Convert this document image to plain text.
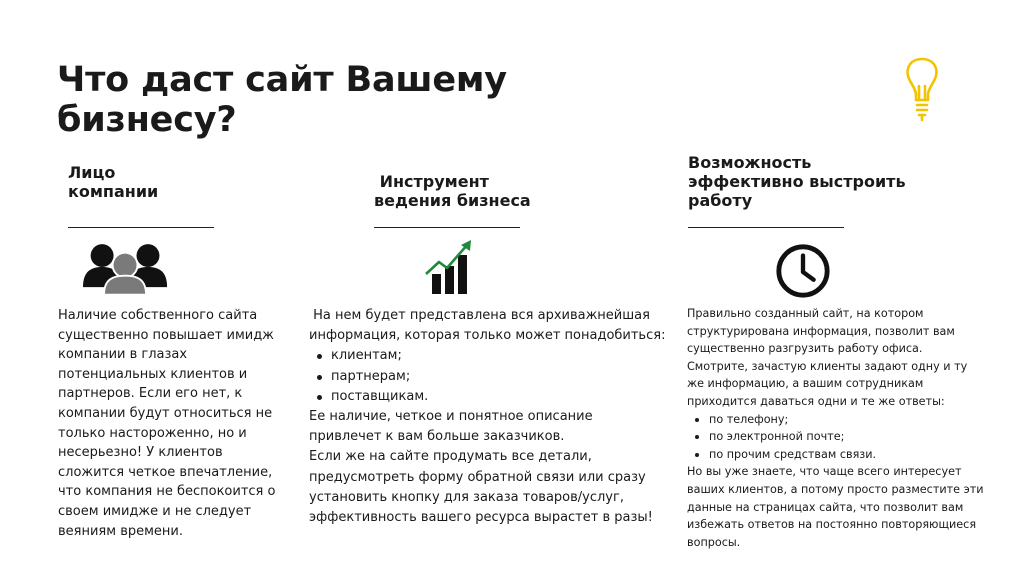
Что даст сайт Вашему бизнесу?
Лицо компании

Наличие собственного сайта существенно повышает имидж компании в глазах потенциальных клиентов и партнеров. Если его нет, к компании будут относиться не только настороженно, но и несерьезно! У клиентов сложится четкое впечатление, что компания не беспокоится о своем имидже и не следует веяниям времени.

Инструмент ведения бизнеса

На нем будет представлена вся архиважнейшая информация, которая только может понадобиться:

клиентам;
партнерам;
поставщикам.

Ее наличие, четкое и понятное описание привлечет к вам больше заказчиков.

Если же на сайте продумать все детали, предусмотреть форму обратной связи или сразу установить кнопку для заказа товаров/услуг, эффективность вашего ресурса вырастет в разы!

Возможность эффективно выстроить работу

Правильно созданный сайт, на котором структурирована информация, позволит вам существенно разгрузить работу офиса.

Смотрите, зачастую клиенты задают одну и ту же информацию, а вашим сотрудникам приходится даваться одни и те же ответы:

по телефону;
по электронной почте;
по прочим средствам связи.

Но вы уже знаете, что чаще всего интересует ваших клиентов, а потому просто разместите эти данные на страницах сайта, что позволит вам избежать ответов на постоянно повторяющиеся вопросы.
